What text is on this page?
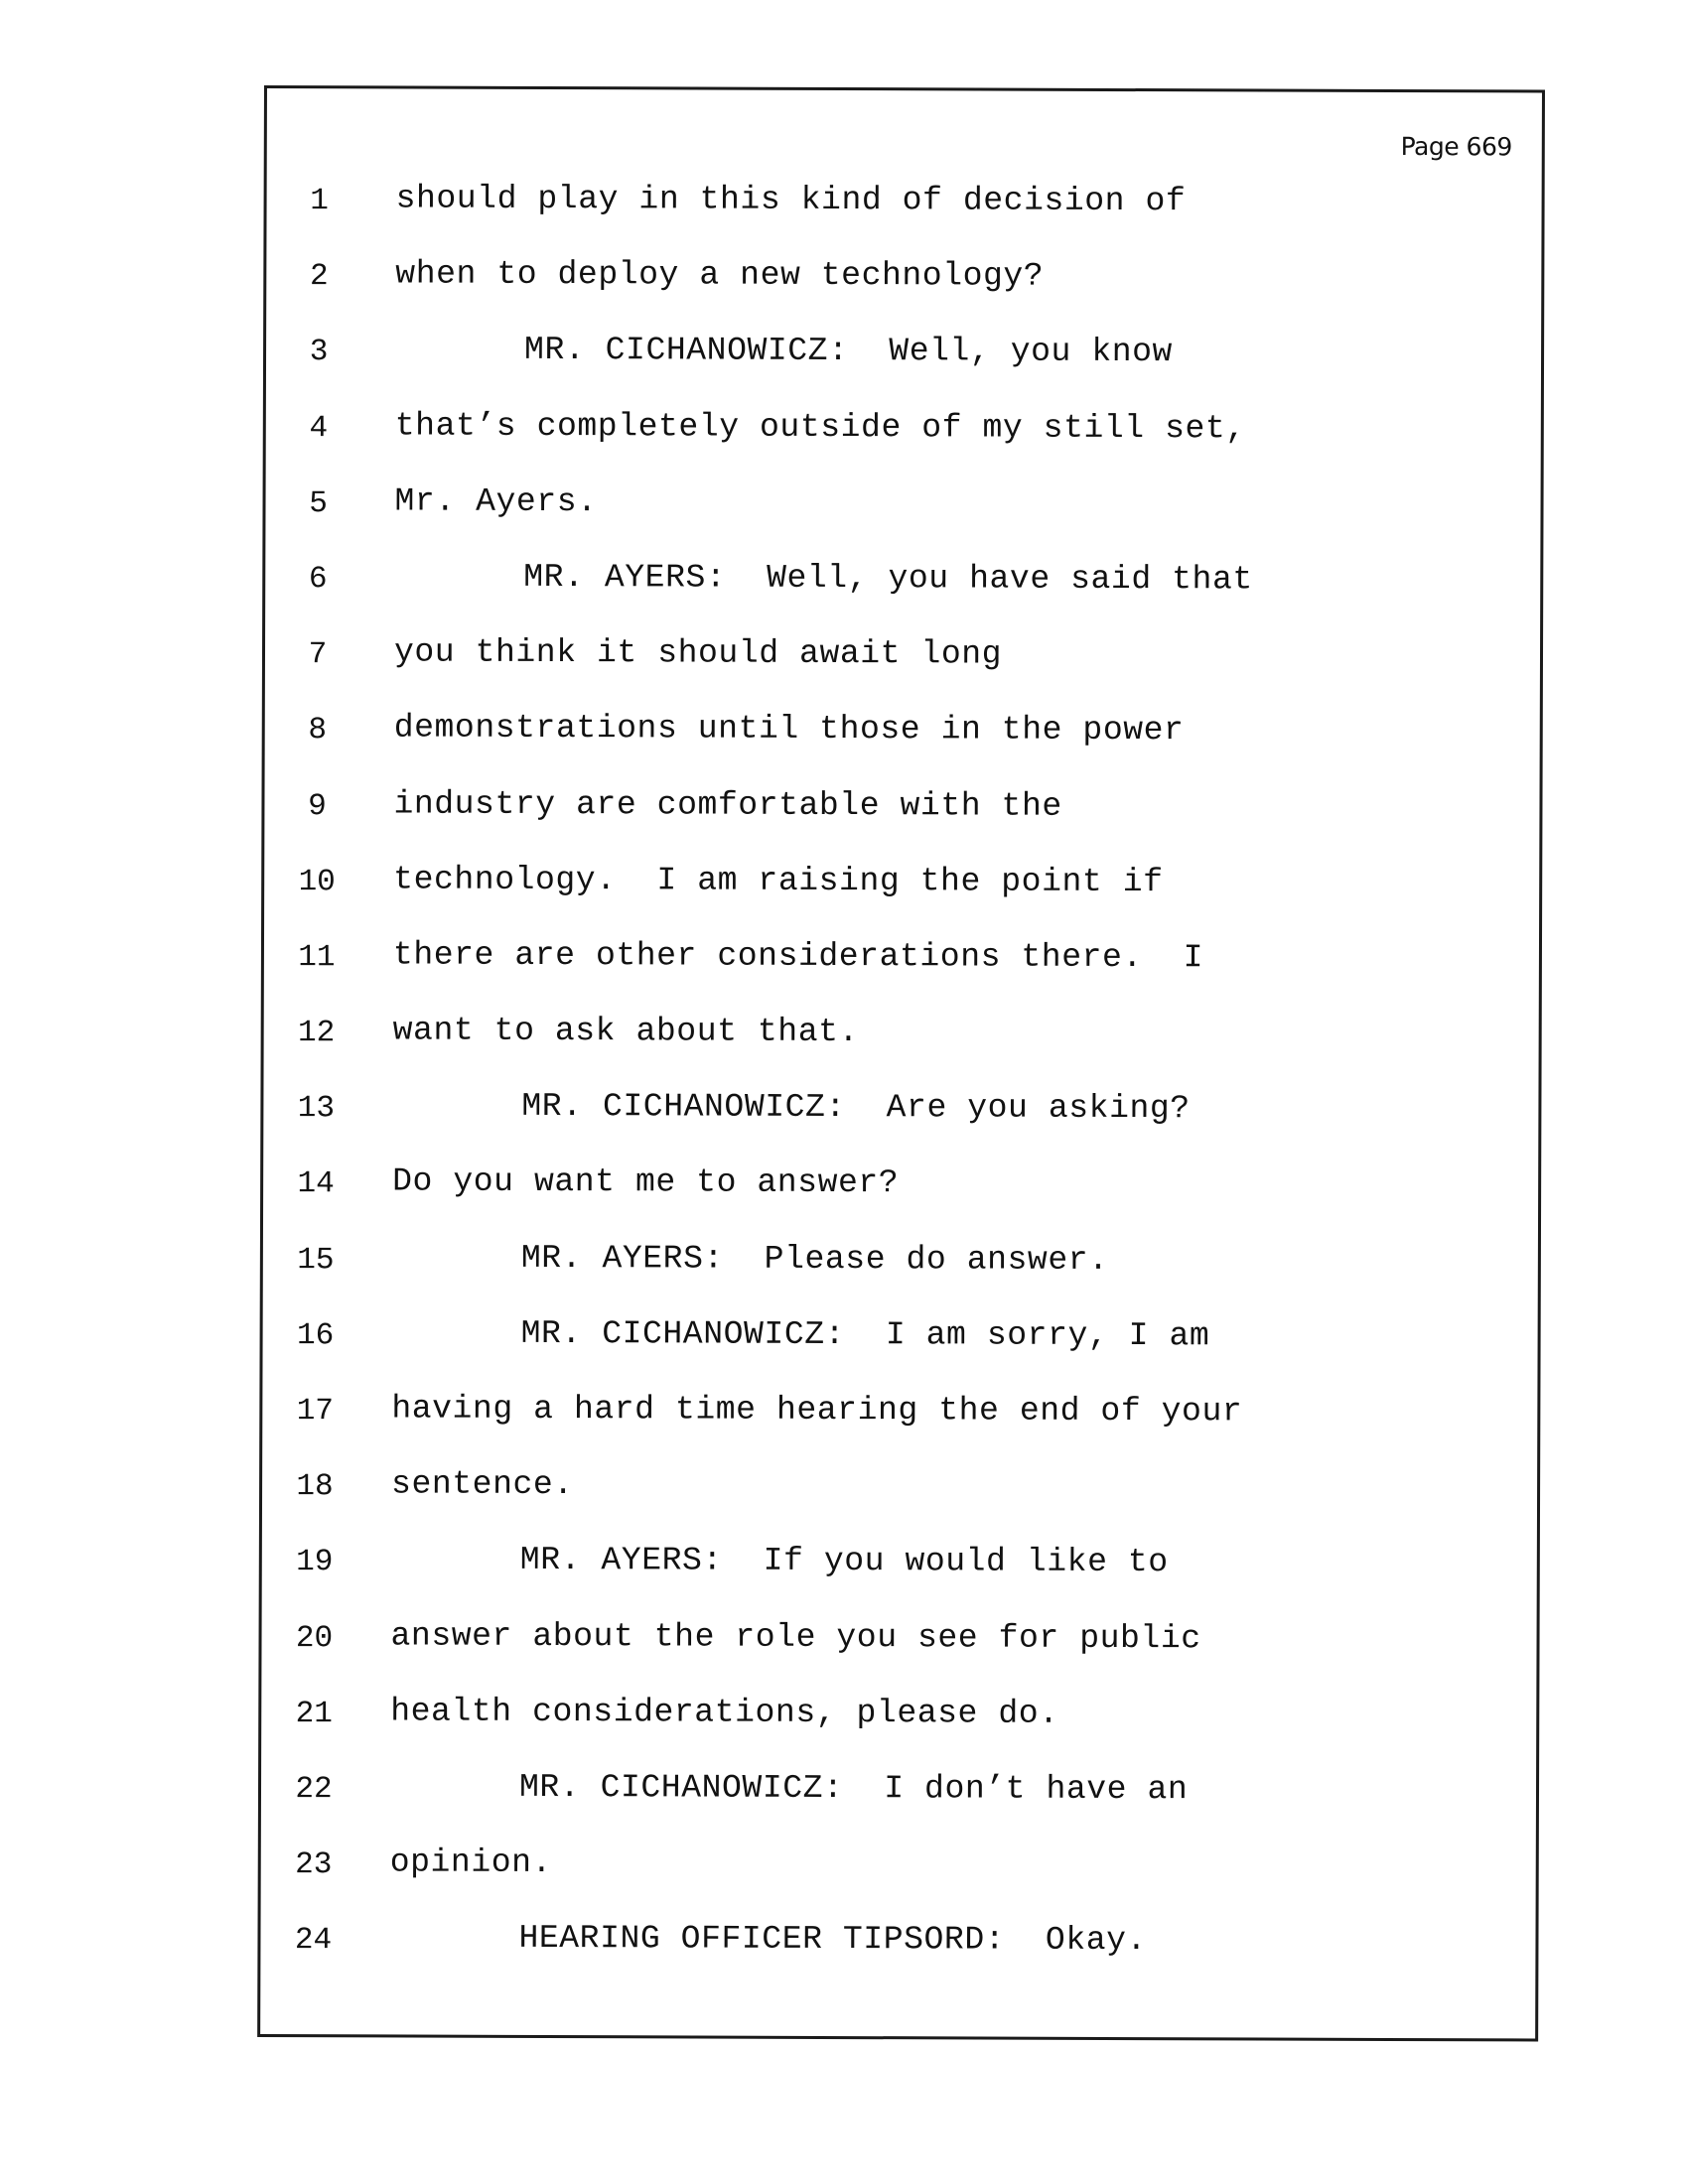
Page 669
1	should play in this kind of decision of
2	when to deploy a new technology?
3	MR. CICHANOWICZ:  Well, you know
4	that’s completely outside of my still set,
5	Mr. Ayers.
6	MR. AYERS:  Well, you have said that
7	you think it should await long
8	demonstrations until those in the power
9	industry are comfortable with the
10	technology.  I am raising the point if
11	there are other considerations there.  I
12	want to ask about that.
13	MR. CICHANOWICZ:  Are you asking?
14	Do you want me to answer?
15	MR. AYERS:  Please do answer.
16	MR. CICHANOWICZ:  I am sorry, I am
17	having a hard time hearing the end of your
18	sentence.
19	MR. AYERS:  If you would like to
20	answer about the role you see for public
21	health considerations, please do.
22	MR. CICHANOWICZ:  I don’t have an
23	opinion.
24	HEARING OFFICER TIPSORD:  Okay.
